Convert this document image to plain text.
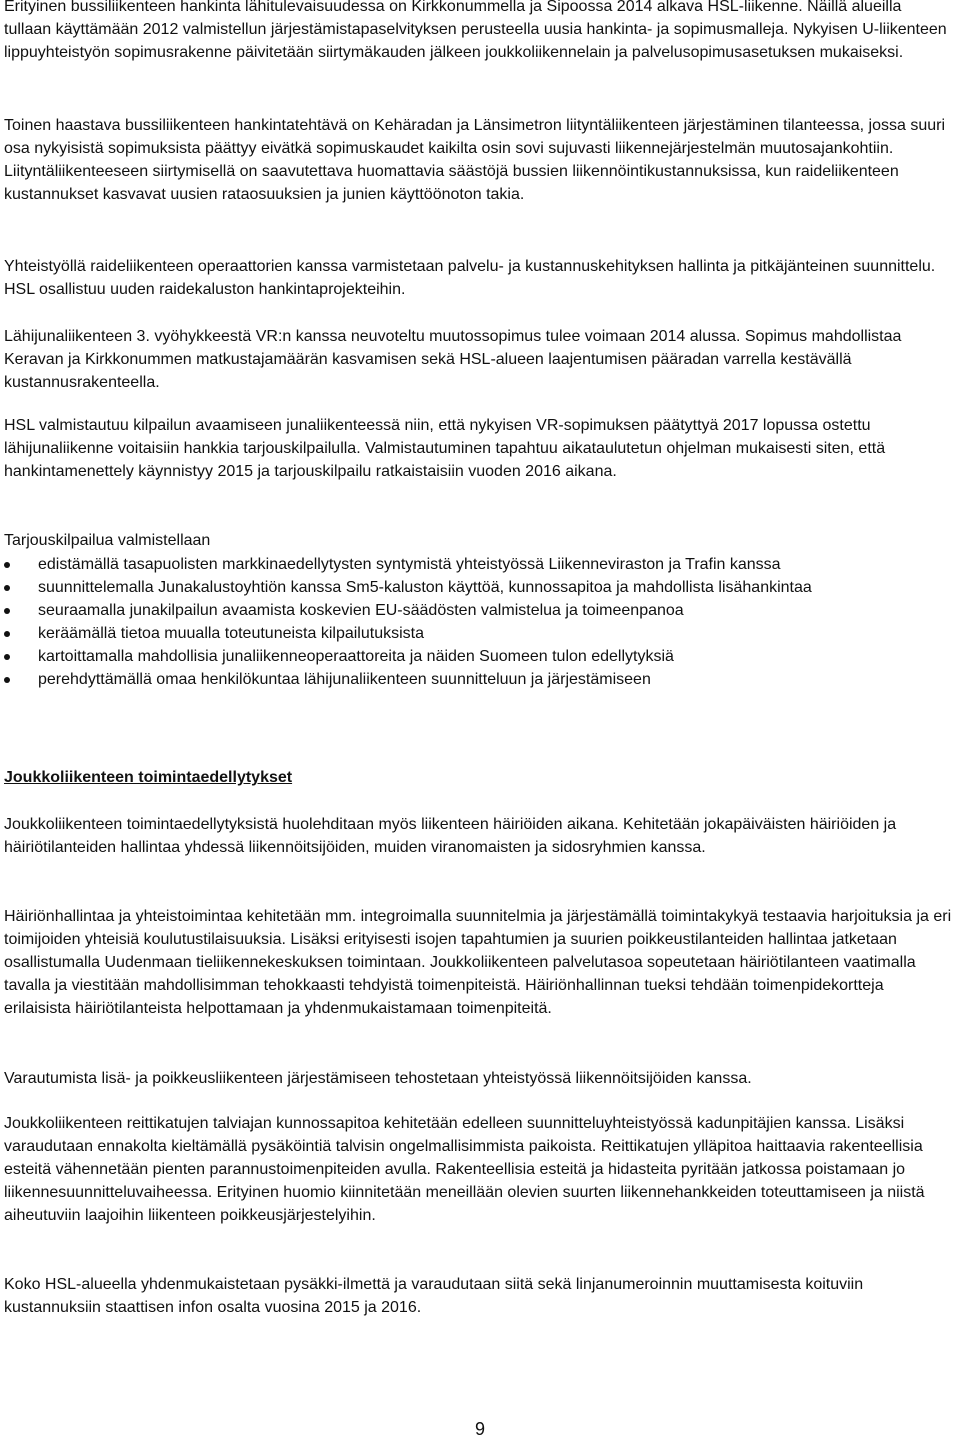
Erityinen bussiliikenteen hankinta lähitulevaisuudessa on Kirkkonummella ja Sipoossa 2014 alkava HSL-liikenne. Näillä alueilla tullaan käyttämään 2012 valmistellun järjestämistapaselvityksen perusteella uusia hankinta- ja sopimusmalleja. Nykyisen U-liikenteen lippuyhteistyön sopimusrakenne päivitetään siirtymäkauden jälkeen joukkoliikennelain ja palvelusopimusasetuksen mukaiseksi.

Toinen haastava bussiliikenteen hankintatehtävä on Kehäradan ja Länsimetron liityntäliikenteen järjestäminen tilanteessa, jossa suuri osa nykyisistä sopimuksista päättyy eivätkä sopimuskaudet kaikilta osin sovi sujuvasti liikennejärjestelmän muutosajankohtiin. Liityntäliikenteeseen siirtymisellä on saavutettava huomattavia säästöjä bussien liikennöintikustannuksissa, kun raideliikenteen kustannukset kasvavat uusien rataosuuksien ja junien käyttöönoton takia.

Yhteistyöllä raideliikenteen operaattorien kanssa varmistetaan palvelu- ja kustannuskehityksen hallinta ja pitkäjänteinen suunnittelu. HSL osallistuu uuden raidekaluston hankintaprojekteihin.

Lähijunaliikenteen 3. vyöhykkeestä VR:n kanssa neuvoteltu muutossopimus tulee voimaan 2014 alussa. Sopimus mahdollistaa Keravan ja Kirkkonummen matkustajamäärän kasvamisen sekä HSL-alueen laajentumisen pääradan varrella kestävällä kustannusrakenteella.

HSL valmistautuu kilpailun avaamiseen junaliikenteessä niin, että nykyisen VR-sopimuksen päätyttyä 2017 lopussa ostettu lähijunaliikenne voitaisiin hankkia tarjouskilpailulla. Valmistautuminen tapahtuu aikataulutetun ohjelman mukaisesti siten, että hankintamenettely käynnistyy 2015 ja tarjouskilpailu ratkaistaisiin vuoden 2016 aikana.

Tarjouskilpailua valmistellaan

edistämällä tasapuolisten markkinaedellytysten syntymistä yhteistyössä Liikenneviraston ja Trafin kanssa
suunnittelemalla Junakalustoyhtiön kanssa Sm5-kaluston käyttöä, kunnossapitoa ja mahdollista lisähankintaa
seuraamalla junakilpailun avaamista koskevien EU-säädösten valmistelua ja toimeenpanoa
keräämällä tietoa muualla toteutuneista kilpailutuksista
kartoittamalla mahdollisia junaliikenneoperaattoreita ja näiden Suomeen tulon edellytyksiä
perehdyttämällä omaa henkilökuntaa lähijunaliikenteen suunnitteluun ja järjestämiseen

Joukkoliikenteen toimintaedellytykset

Joukkoliikenteen toimintaedellytyksistä huolehditaan myös liikenteen häiriöiden aikana. Kehitetään jokapäiväisten häiriöiden ja häiriötilanteiden hallintaa yhdessä liikennöitsijöiden, muiden viranomaisten ja sidosryhmien kanssa.

Häiriönhallintaa ja yhteistoimintaa kehitetään mm. integroimalla suunnitelmia ja järjestämällä toimintakykyä testaavia harjoituksia ja eri toimijoiden yhteisiä koulutustilaisuuksia. Lisäksi erityisesti isojen tapahtumien ja suurien poikkeustilanteiden hallintaa jatketaan osallistumalla Uudenmaan tieliikennekeskuksen toimintaan. Joukkoliikenteen palvelutasoa sopeutetaan häiriötilanteen vaatimalla tavalla ja viestitään mahdollisimman tehokkaasti tehdyistä toimenpiteistä. Häiriönhallinnan tueksi tehdään toimenpidekortteja erilaisista häiriötilanteista helpottamaan ja yhdenmukaistamaan toimenpiteitä.

Varautumista lisä- ja poikkeusliikenteen järjestämiseen tehostetaan yhteistyössä liikennöitsijöiden kanssa.

Joukkoliikenteen reittikatujen talviajan kunnossapitoa kehitetään edelleen suunnitteluyhteistyössä kadunpitäjien kanssa. Lisäksi varaudutaan ennakolta kieltämällä pysäköintiä talvisin ongelmallisimmista paikoista. Reittikatujen ylläpitoa haittaavia rakenteellisia esteitä vähennetään pienten parannustoimenpiteiden avulla. Rakenteellisia esteitä ja hidasteita pyritään jatkossa poistamaan jo liikennesuunnitteluvaiheessa. Erityinen huomio kiinnitetään meneillään olevien suurten liikennehankkeiden toteuttamiseen ja niistä aiheutuviin laajoihin liikenteen poikkeusjärjestelyihin.

Koko HSL-alueella yhdenmukaistetaan pysäkki-ilmettä ja varaudutaan siitä sekä linjanumeroinnin muuttamisesta koituviin kustannuksiin staattisen infon osalta vuosina 2015 ja 2016.

9
